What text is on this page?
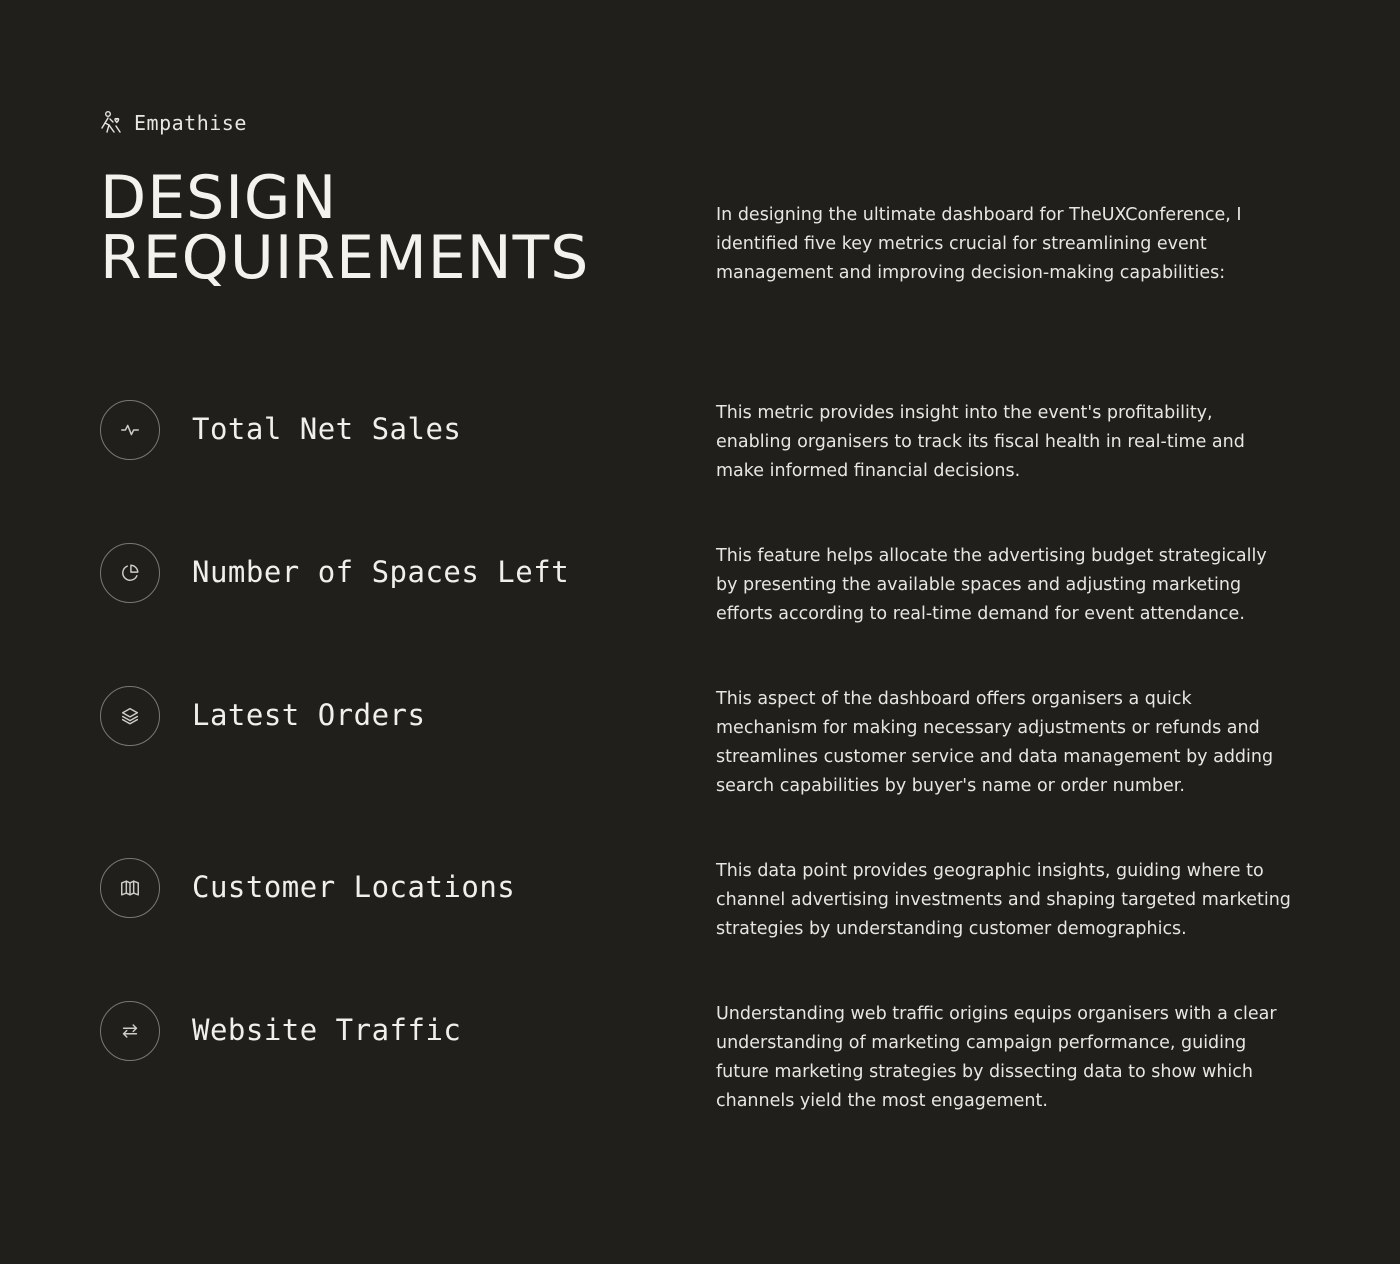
Empathise
DESIGN
REQUIREMENTS

In designing the ultimate dashboard for TheUXConference, I identified five key metrics crucial for streamlining event management and improving decision-making capabilities:

Total Net Sales	This metric provides insight into the event's profitability, enabling organisers to track its fiscal health in real-time and make informed financial decisions.

Number of Spaces Left	This feature helps allocate the advertising budget strategically by presenting the available spaces and adjusting marketing efforts according to real-time demand for event attendance.

Latest Orders	This aspect of the dashboard offers organisers a quick mechanism for making necessary adjustments or refunds and streamlines customer service and data management by adding search capabilities by buyer's name or order number.

Customer Locations	This data point provides geographic insights, guiding where to channel advertising investments and shaping targeted marketing strategies by understanding customer demographics.

Website Traffic	Understanding web traffic origins equips organisers with a clear understanding of marketing campaign performance, guiding future marketing strategies by dissecting data to show which channels yield the most engagement.
